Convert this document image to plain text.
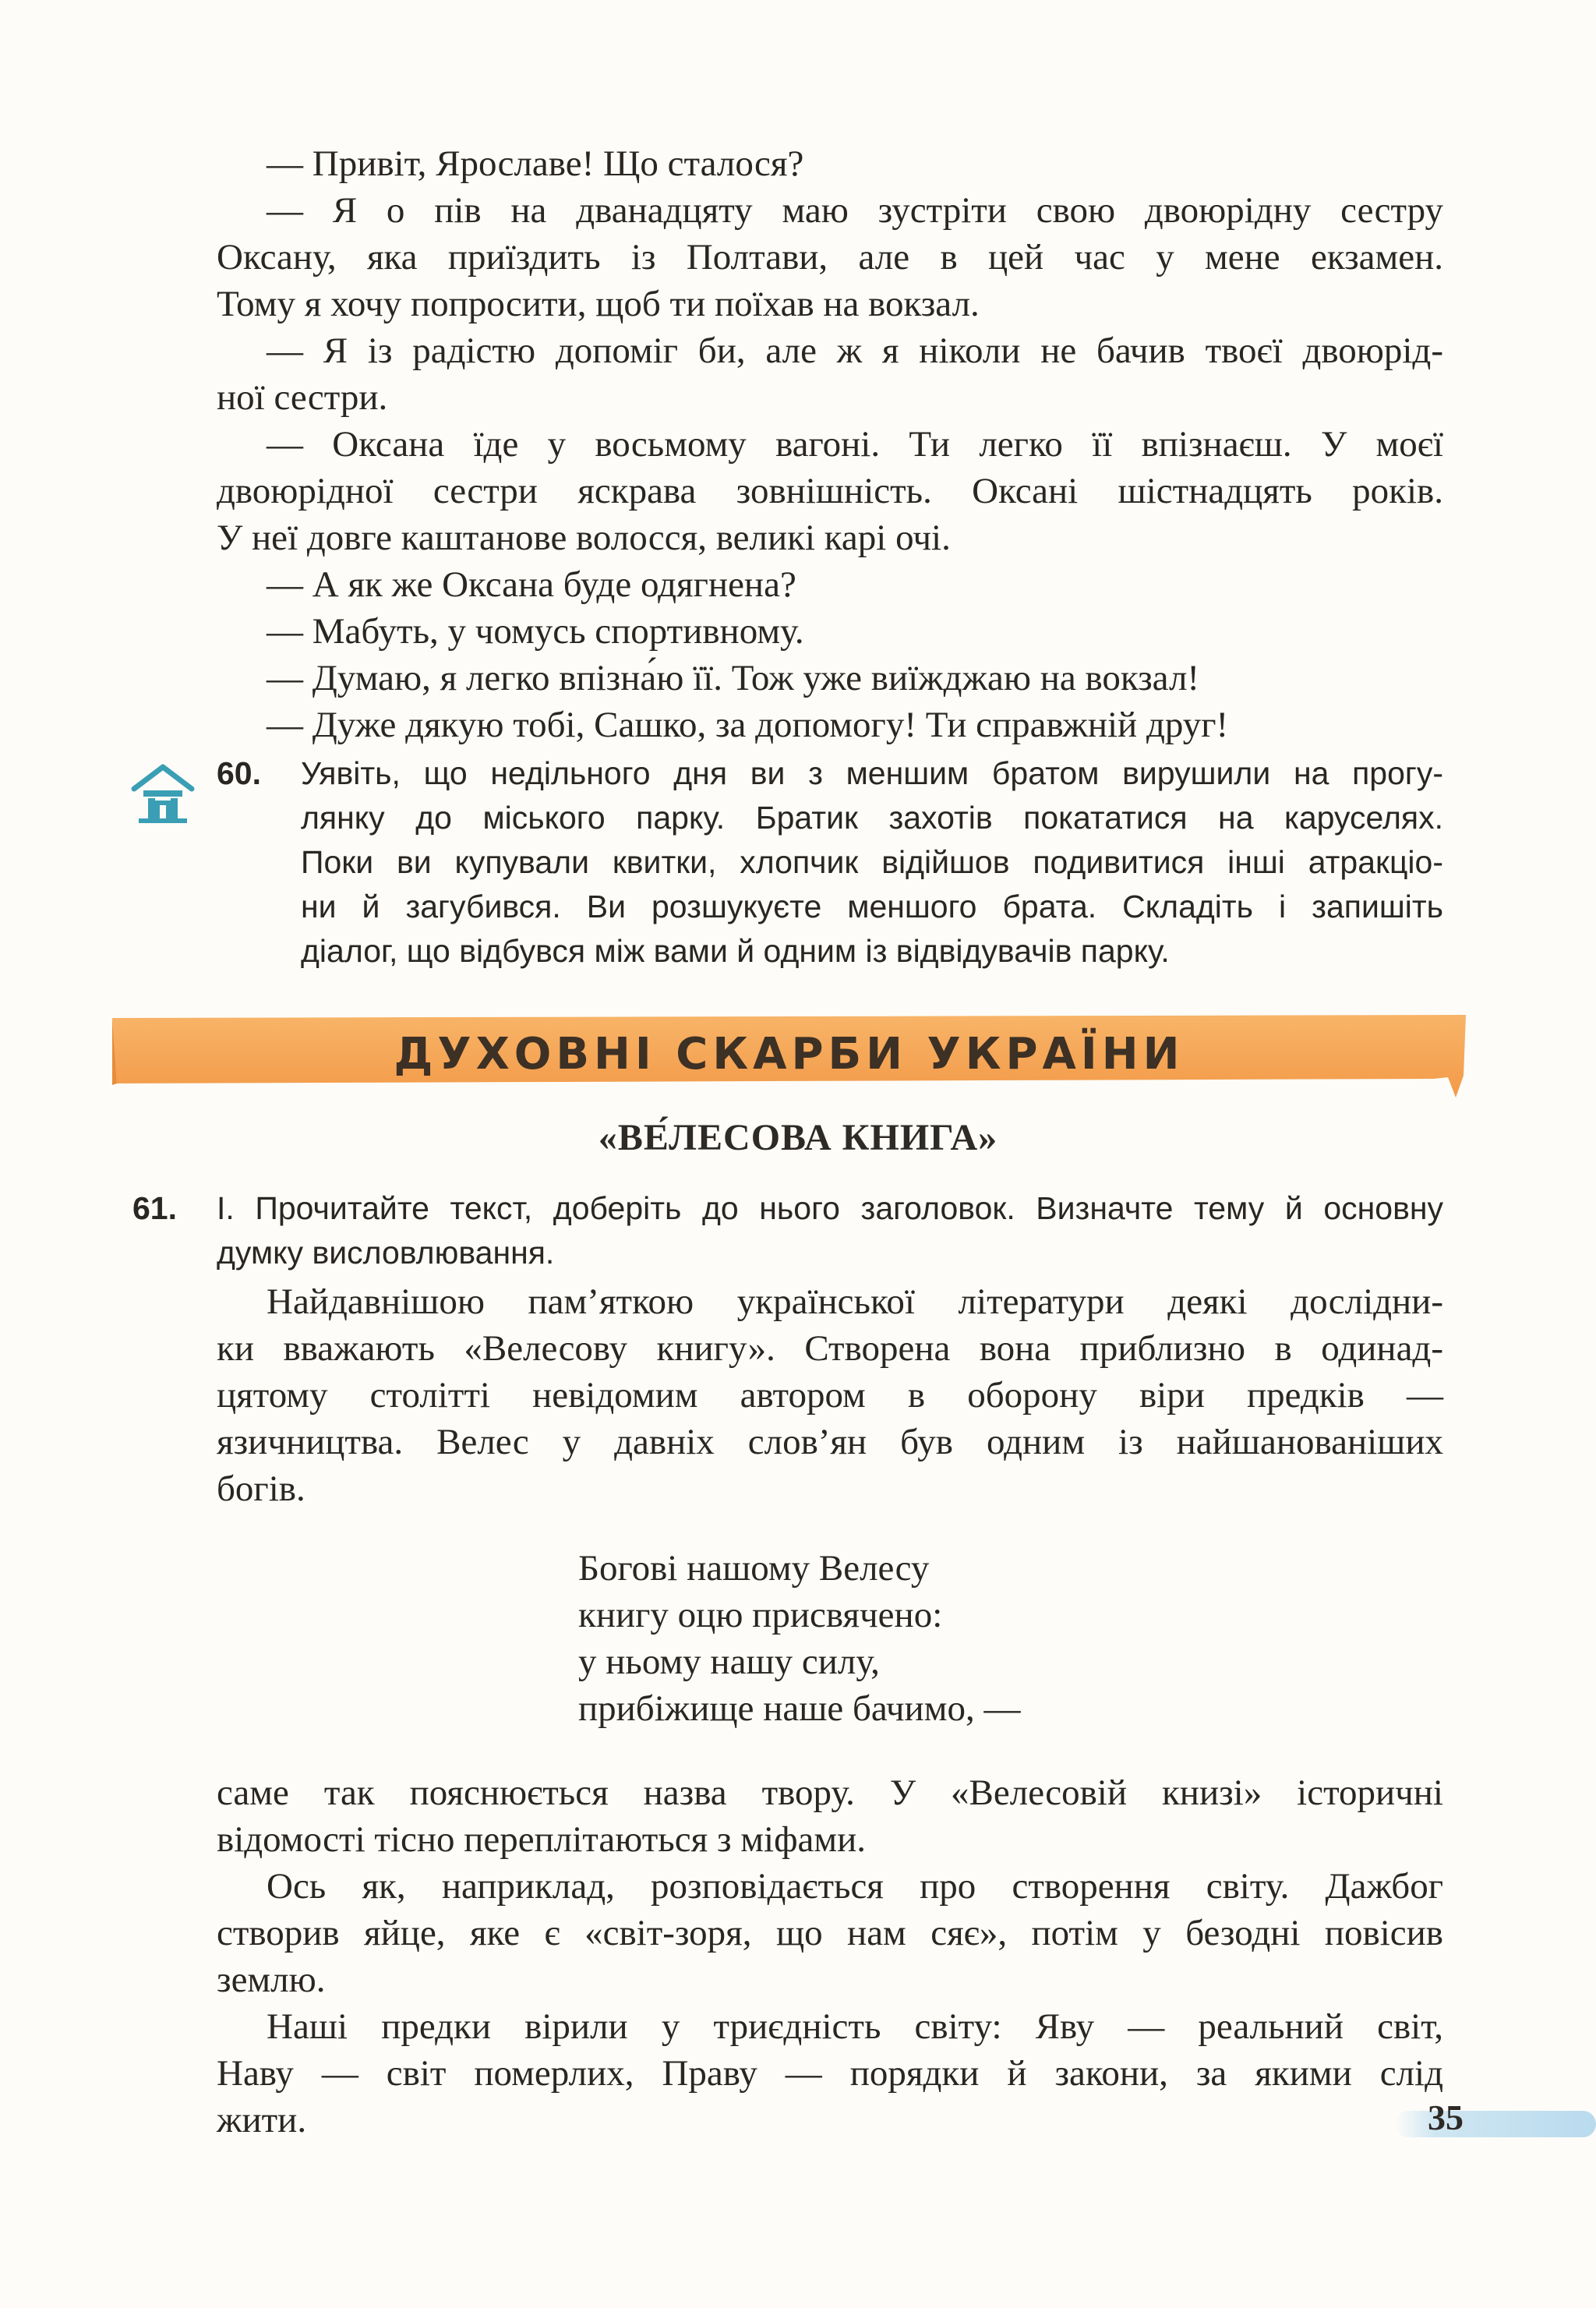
— Привіт, Ярославе! Що сталося?
— Я о пів на дванадцяту маю зустріти свою двоюрідну сестру
Оксану, яка приїздить із Полтави, але в цей час у мене екзамен.
Тому я хочу попросити, щоб ти поїхав на вокзал.
— Я із радістю допоміг би, але ж я ніколи не бачив твоєї двоюрід-
ної сестри.
— Оксана їде у восьмому вагоні. Ти легко її впізнаєш. У моєї
двоюрідної сестри яскрава зовнішність. Оксані шістнадцять років.
У неї довге каштанове волосся, великі карі очі.
— А як же Оксана буде одягнена?
— Мабуть, у чомусь спортивному.
— Думаю, я легко впізна́ю її. Тож уже виїжджаю на вокзал!
— Дуже дякую тобі, Сашко, за допомогу! Ти справжній друг!
60. Уявіть, що недільного дня ви з меншим братом вирушили на прогу-
лянку до міського парку. Братик захотів покататися на каруселях.
Поки ви купували квитки, хлопчик відійшов подивитися інші атракціо-
ни й загубився. Ви розшукуєте меншого брата. Складіть і запишіть
діалог, що відбувся між вами й одним із відвідувачів парку.
ДУХОВНІ СКАРБИ УКРАЇНИ
«ВЕ́ЛЕСОВА КНИГА»
61. І. Прочитайте текст, доберіть до нього заголовок. Визначте тему й основну
думку висловлювання.
Найдавнішою пам’яткою української літератури деякі дослідни-
ки вважають «Велесову книгу». Створена вона приблизно в одинад-
цятому столітті невідомим автором в оборону віри предків —
язичництва. Велес у давніх слов’ян був одним із найшанованіших
богів.
Богові нашому Велесу
книгу оцю присвячено:
у ньому нашу силу,
прибіжище наше бачимо, —
саме так пояснюється назва твору. У «Велесовій книзі» історичні
відомості тісно переплітаються з міфами.
Ось як, наприклад, розповідається про створення світу. Дажбог
створив яйце, яке є «світ-зоря, що нам сяє», потім у безодні повісив
землю.
Наші предки вірили у триєдність світу: Яву — реальний світ,
Наву — світ померлих, Праву — порядки й закони, за якими слід
жити.	35
